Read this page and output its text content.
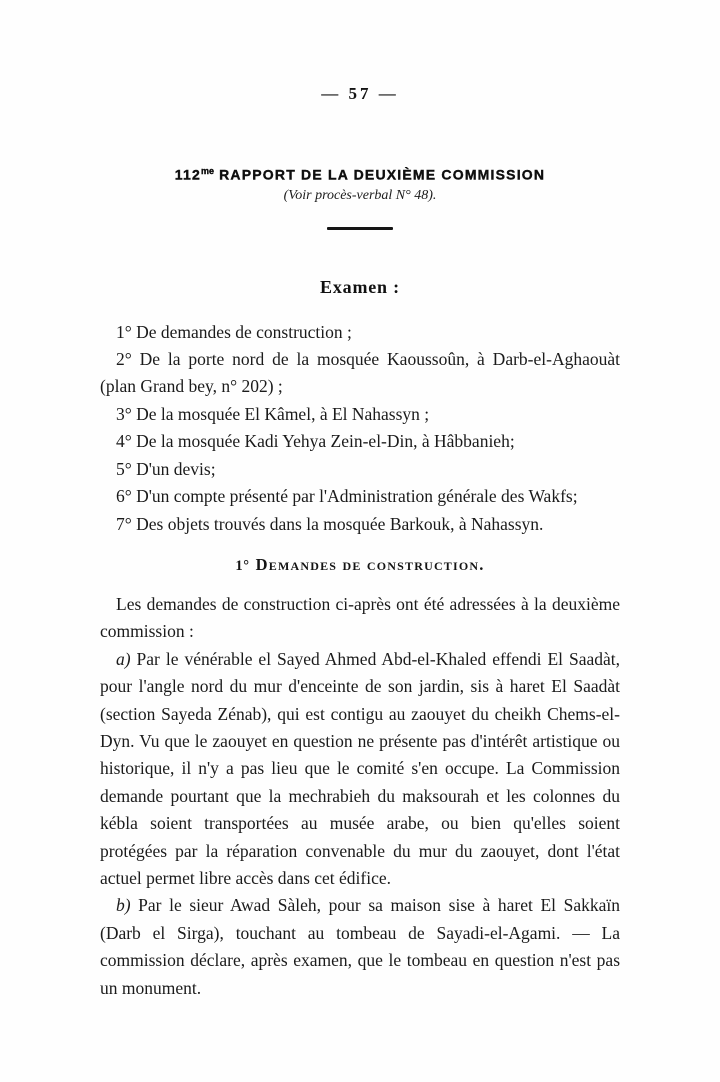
— 57 —
$112^{me}$ RAPPORT DE LA DEUXIÈME COMMISSION
(Voir procès-verbal N° 48).
Examen :

1° De demandes de construction ;

2° De la porte nord de la mosquée Kaoussoûn, à Darb-el-Aghaouàt (plan Grand bey, n° 202) ;

3° De la mosquée El Kâmel, à El Nahassyn ;

4° De la mosquée Kadi Yehya Zein-el-Din, à Hâbbanieh;

5° D'un devis;

6° D'un compte présenté par l'Administration générale des Wakfs;

7° Des objets trouvés dans la mosquée Barkouk, à Nahassyn.

1° Demandes de construction.

Les demandes de construction ci-après ont été adressées à la deuxième commission :

a) Par le vénérable el Sayed Ahmed Abd-el-Khaled effendi El Saadàt, pour l'angle nord du mur d'enceinte de son jardin, sis à haret El Saadàt (section Sayeda Zénab), qui est contigu au zaouyet du cheikh Chems-el-Dyn. Vu que le zaouyet en question ne présente pas d'intérêt artistique ou historique, il n'y a pas lieu que le comité s'en occupe. La Commission demande pourtant que la mechrabieh du maksourah et les colonnes du kébla soient transportées au musée arabe, ou bien qu'elles soient protégées par la réparation convenable du mur du zaouyet, dont l'état actuel permet libre accès dans cet édifice.

b) Par le sieur Awad Sàleh, pour sa maison sise à haret El Sakkaïn (Darb el Sirga), touchant au tombeau de Sayadi-el-Agami. — La commission déclare, après examen, que le tombeau en question n'est pas un monument.
